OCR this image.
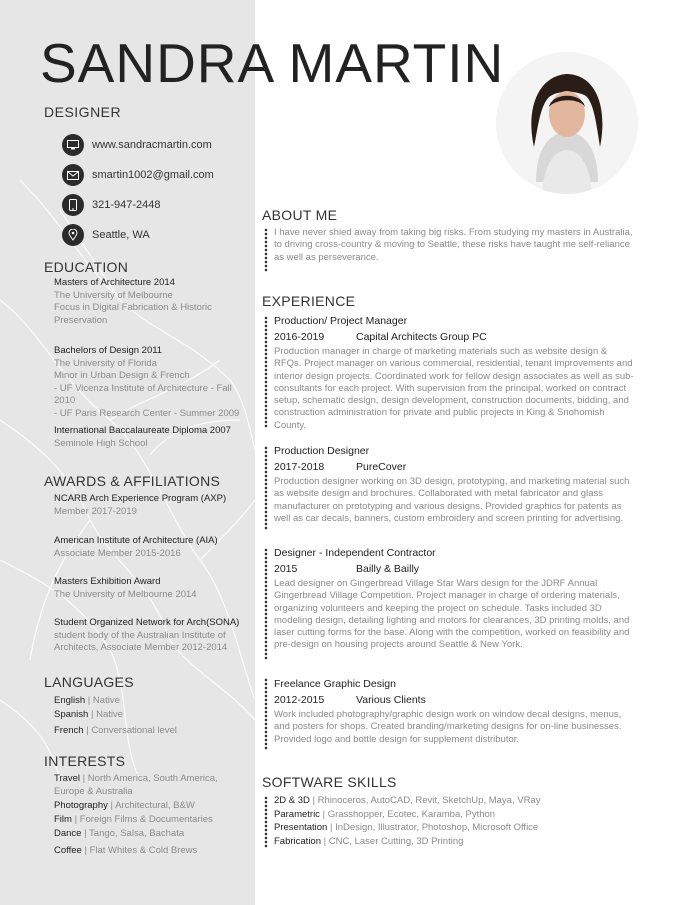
SANDRA MARTIN
DESIGNER
www.sandracmartin.com
smartin1002@gmail.com
321-947-2448
Seattle, WA
EDUCATION
Masters of Architecture 2014
The University of Melbourne
Focus in Digital Fabrication & Historic
Preservation
Bachelors of Design 2011
The University of Florida
Minor in Urban Design & French
- UF Vicenza Institute of Architecture - Fall 2010
- UF Paris Research Center - Summer 2009
International Baccalaureate Diploma 2007
Seminole High School
AWARDS & AFFILIATIONS
NCARB Arch Experience Program (AXP)
Member 2017-2019
American Institute of Architecture (AIA)
Associate Member 2015-2016
Masters Exhibition Award
The University of Melbourne 2014
Student Organized Network for Arch(SONA)
student body of the Australian Institute of
Architects, Associate Member 2012-2014
LANGUAGES
English | Native
Spanish | Native
French | Conversational level
INTERESTS
Travel | North America, South America,
Europe & Australia
Photography | Architectural, B&W
Film | Foreign Films & Documentaries
Dance | Tango, Salsa, Bachata
Coffee | Flat Whites & Cold Brews
ABOUT ME
I have never shied away from taking big risks. From studying my masters in Australia, to driving cross-country & moving to Seattle, these risks have taught me self-reliance as well as perseverance.
EXPERIENCE
Production/ Project Manager
2016-2019	Capital Architects Group PC
Production manager in charge of marketing materials such as website design & RFQs. Project manager on various commercial, residential, tenant improvements and interior design projects. Coordinated work for fellow design associates as well as sub-consultants for each project. With supervision from the principal, worked on contract setup, schematic design, design development, construction documents, bidding, and construction administration for private and public projects in King & Snohomish County.
Production Designer
2017-2018	PureCover
Production designer working on 3D design, prototyping, and marketing material such as website design and brochures. Collaborated with metal fabricator and glass manufacturer on prototyping and various designs. Provided graphics for patents as well as car decals, banners, custom embroidery and screen printing for advertising.
Designer - Independent Contractor
2015	Bailly & Bailly
Lead designer on Gingerbread Village Star Wars design for the JDRF Annual Gingerbread Village Competition. Project manager in charge of ordering materials, organizing volunteers and keeping the project on schedule. Tasks included 3D modeling design, detailing lighting and motors for clearances, 3D printing molds, and laser cutting forms for the base. Along with the competition, worked on feasibility and pre-design on housing projects around Seattle & New York.
Freelance Graphic Design
2012-2015	Various Clients
Work included photography/graphic design work on window decal designs, menus, and posters for shops. Created branding/marketing designs for on-line businesses. Provided logo and bottle design for supplement distributor.
SOFTWARE SKILLS
2D & 3D | Rhinoceros, AutoCAD, Revit, SketchUp, Maya, VRay
Parametric | Grasshopper, Ecotec, Karamba, Python
Presentation | InDesign, Illustrator, Photoshop, Microsoft Office
Fabrication | CNC, Laser Cutting, 3D Printing
